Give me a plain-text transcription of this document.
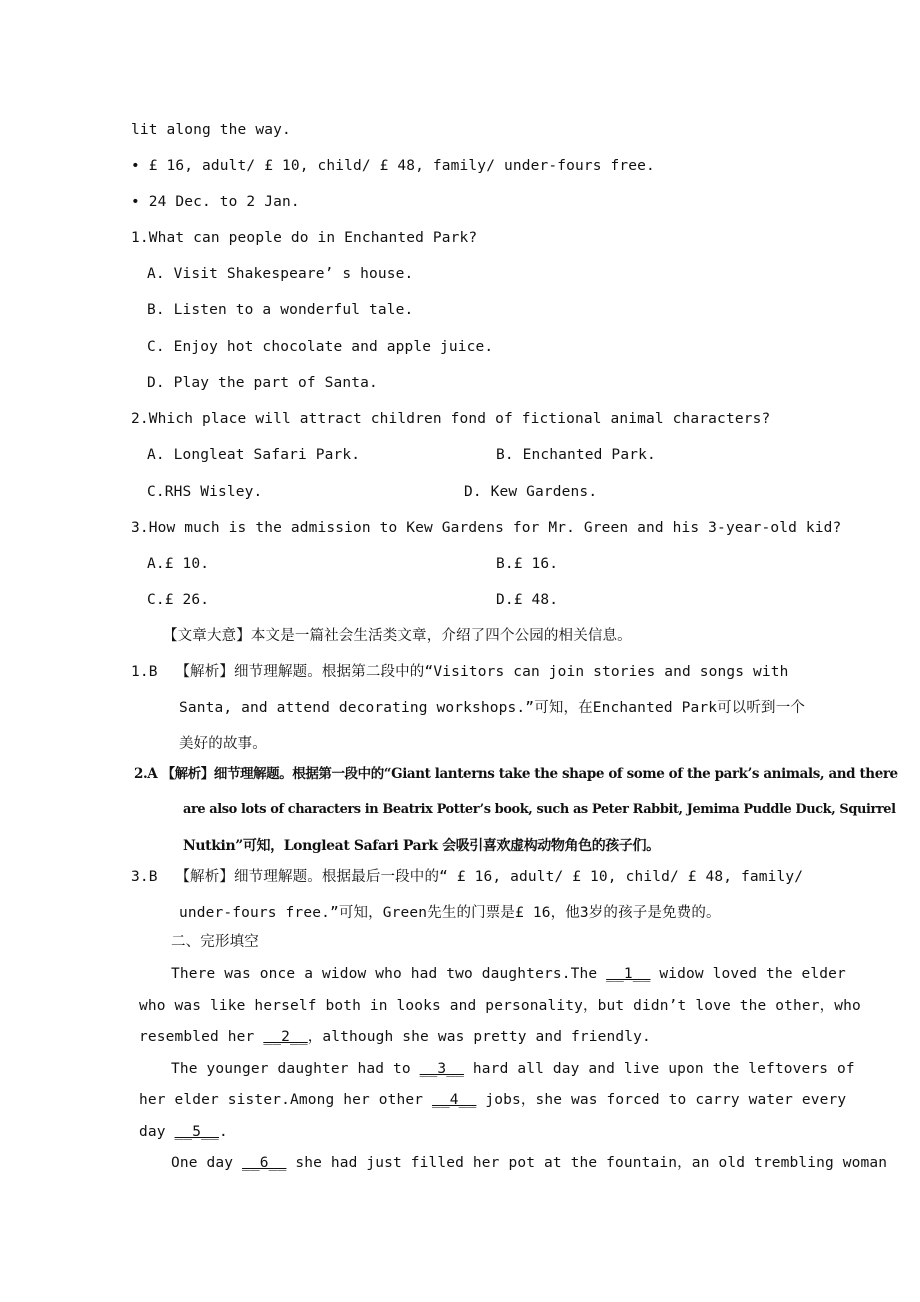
lit along the way.
• £ 16, adult/ £ 10, child/ £ 48, family/ under-fours free.
• 24 Dec. to 2 Jan.
1.What can people do in Enchanted Park?
A. Visit Shakespeare’ s house.
B. Listen to a wonderful tale.
C. Enjoy hot chocolate and apple juice.
D. Play the part of Santa.
2.Which place will attract children fond of fictional animal characters?
A. Longleat Safari Park.	B. Enchanted Park.
C.RHS Wisley.	D. Kew Gardens.
3.How much is the admission to Kew Gardens for Mr. Green and his 3-year-old kid?
A.£ 10.	B.£ 16.
C.£ 26.	D.£ 48.
【文章大意】本文是一篇社会生活类文章，介绍了四个公园的相关信息。
1.B  【解析】细节理解题。根据第二段中的“Visitors can join stories and songs with
Santa, and attend decorating workshops.”可知，在Enchanted Park可以听到一个
美好的故事。
2.A 【解析】细节理解题。根据第一段中的“Giant lanterns take the shape of some of the park’s animals, and there
are also lots of characters in Beatrix Potter’s book, such as Peter Rabbit, Jemima Puddle Duck, Squirrel
Nutkin”可知，Longleat Safari Park 会吸引喜欢虚构动物角色的孩子们。
3.B  【解析】细节理解题。根据最后一段中的“ £ 16, adult/ £ 10, child/ £ 48, family/
under-fours free.”可知，Green先生的门票是£ 16，他3岁的孩子是免费的。
二、完形填空
There was once a widow who had two daughters.The __1__ widow loved the elder
who was like herself both in looks and personality，but didn’t love the other，who
resembled her __2__，although she was pretty and friendly.
The younger daughter had to __3__ hard all day and live upon the leftovers of
her elder sister.Among her other __4__ jobs，she was forced to carry water every
day __5__.
One day __6__ she had just filled her pot at the fountain，an old trembling woman
